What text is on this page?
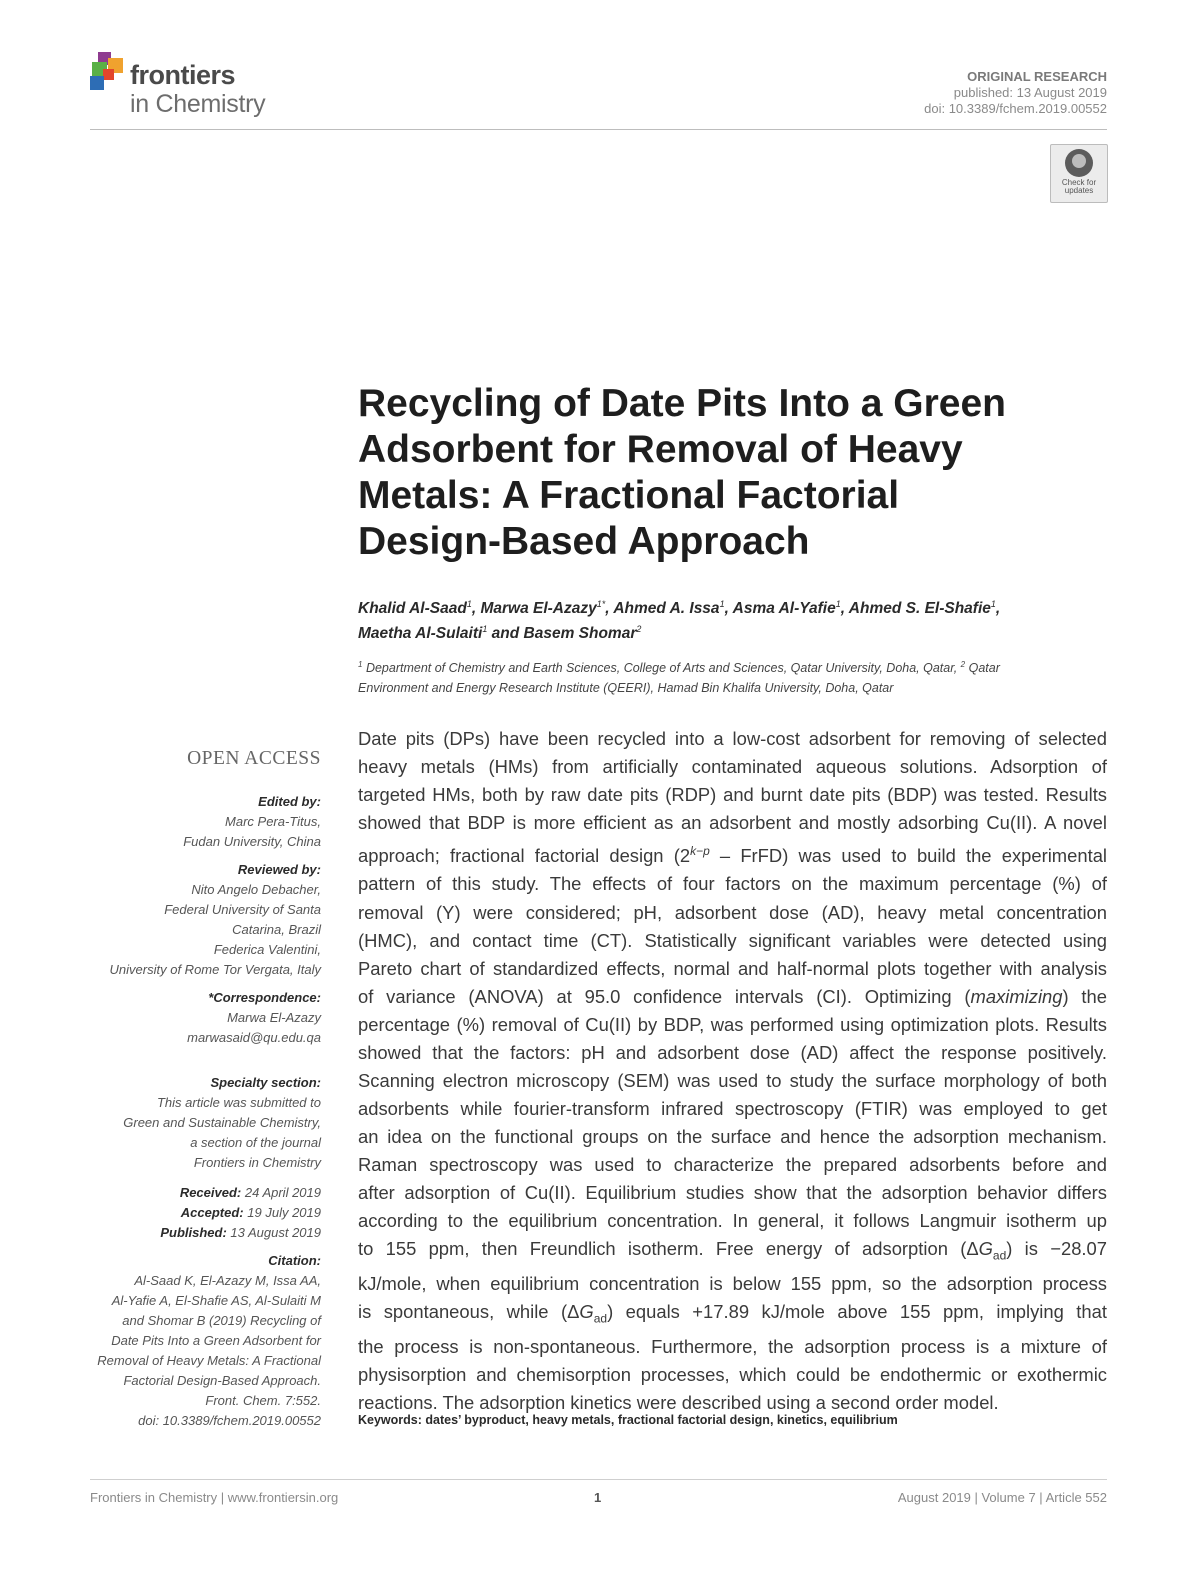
frontiers
in Chemistry
ORIGINAL RESEARCH
published: 13 August 2019
doi: 10.3389/fchem.2019.00552
Check for
updates
Recycling of Date Pits Into a Green
Adsorbent for Removal of Heavy
Metals: A Fractional Factorial
Design-Based Approach
Khalid Al-Saad$^1$, Marwa El-Azazy$^{1*}$, Ahmed A. Issa$^1$, Asma Al-Yafie$^1$, Ahmed S. El-Shafie$^1$,
Maetha Al-Sulaiti$^1$ and Basem Shomar$^2$
$^1$ Department of Chemistry and Earth Sciences, College of Arts and Sciences, Qatar University, Doha, Qatar, $^2$ Qatar
Environment and Energy Research Institute (QEERI), Hamad Bin Khalifa University, Doha, Qatar
OPEN ACCESS
Edited by:
Marc Pera-Titus,
Fudan University, China
Reviewed by:
Nito Angelo Debacher,
Federal University of Santa
Catarina, Brazil
Federica Valentini,
University of Rome Tor Vergata, Italy
*Correspondence:
Marwa El-Azazy
marwasaid@qu.edu.qa
Specialty section:
This article was submitted to
Green and Sustainable Chemistry,
a section of the journal
Frontiers in Chemistry
Received: 24 April 2019
Accepted: 19 July 2019
Published: 13 August 2019
Citation:
Al-Saad K, El-Azazy M, Issa AA,
Al-Yafie A, El-Shafie AS, Al-Sulaiti M
and Shomar B (2019) Recycling of
Date Pits Into a Green Adsorbent for
Removal of Heavy Metals: A Fractional
Factorial Design-Based Approach.
Front. Chem. 7:552.
doi: 10.3389/fchem.2019.00552
Date pits (DPs) have been recycled into a low-cost adsorbent for removing of selected
heavy metals (HMs) from artificially contaminated aqueous solutions. Adsorption of
targeted HMs, both by raw date pits (RDP) and burnt date pits (BDP) was tested. Results
showed that BDP is more efficient as an adsorbent and mostly adsorbing Cu(II). A novel
approach; fractional factorial design ($2^{k-p}$ – FrFD) was used to build the experimental
pattern of this study. The effects of four factors on the maximum percentage (%) of
removal (Y) were considered; pH, adsorbent dose (AD), heavy metal concentration
(HMC), and contact time (CT). Statistically significant variables were detected using
Pareto chart of standardized effects, normal and half-normal plots together with analysis
of variance (ANOVA) at 95.0 confidence intervals (CI). Optimizing (maximizing) the
percentage (%) removal of Cu(II) by BDP, was performed using optimization plots. Results
showed that the factors: pH and adsorbent dose (AD) affect the response positively.
Scanning electron microscopy (SEM) was used to study the surface morphology of both
adsorbents while fourier-transform infrared spectroscopy (FTIR) was employed to get
an idea on the functional groups on the surface and hence the adsorption mechanism.
Raman spectroscopy was used to characterize the prepared adsorbents before and
after adsorption of Cu(II). Equilibrium studies show that the adsorption behavior differs
according to the equilibrium concentration. In general, it follows Langmuir isotherm up
to 155 ppm, then Freundlich isotherm. Free energy of adsorption $(\Delta G_{ad})$ is −28.07
kJ/mole, when equilibrium concentration is below 155 ppm, so the adsorption process
is spontaneous, while $(\Delta G_{ad})$ equals +17.89 kJ/mole above 155 ppm, implying that
the process is non-spontaneous. Furthermore, the adsorption process is a mixture of
physisorption and chemisorption processes, which could be endothermic or exothermic
reactions. The adsorption kinetics were described using a second order model.
Keywords: dates’ byproduct, heavy metals, fractional factorial design, kinetics, equilibrium
Frontiers in Chemistry | www.frontiersin.org	1	August 2019 | Volume 7 | Article 552
